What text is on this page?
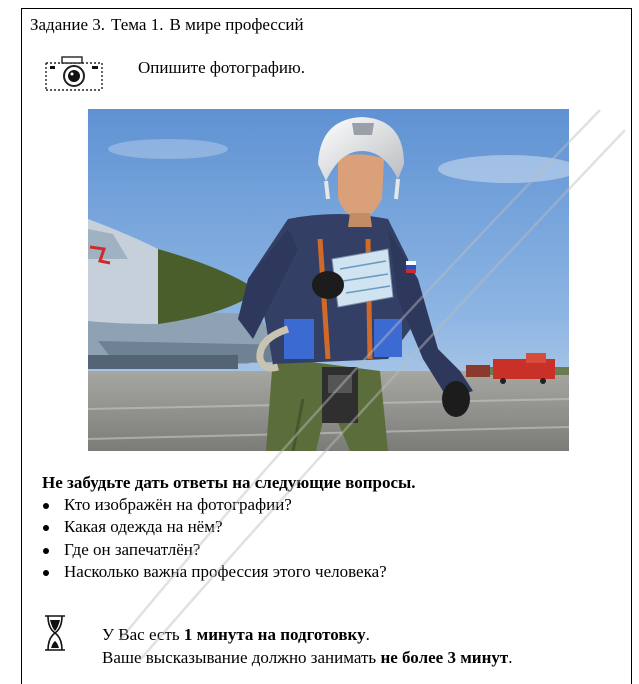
Задание 3. Тема 1. В мире профессий
Опишите фотографию.
Не забудьте дать ответы на следующие вопросы.
Кто изображён на фотографии?
Какая одежда на нём?
Где он запечатлён?
Насколько важна профессия этого человека?
У Вас есть 1 минута на подготовку.
Ваше высказывание должно занимать не более 3 минут.
